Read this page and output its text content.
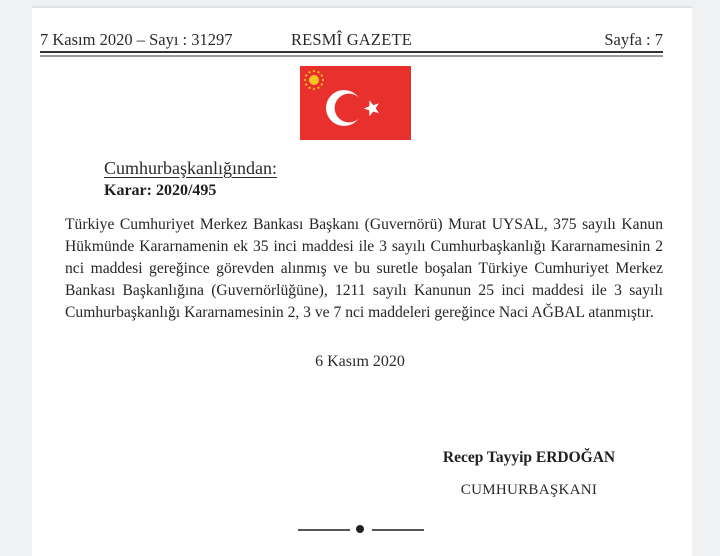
7 Kasım 2020 – Sayı : 31297	RESMÎ GAZETE	Sayfa : 7
Cumhurbaşkanlığından:
Karar: 2020/495
Türkiye Cumhuriyet Merkez Bankası Başkanı (Guvernörü) Murat UYSAL, 375 sayılı Kanun Hükmünde Kararnamenin ek 35 inci maddesi ile 3 sayılı Cumhurbaşkanlığı Kararnamesinin 2 nci maddesi gereğince görevden alınmış ve bu suretle boşalan Türkiye Cumhuriyet Merkez Bankası Başkanlığına (Guvernörlüğüne), 1211 sayılı Kanunun 25 inci maddesi ile 3 sayılı Cumhurbaşkanlığı Kararnamesinin 2, 3 ve 7 nci maddeleri gereğince Naci AĞBAL atanmıştır.
6 Kasım 2020
Recep Tayyip ERDOĞAN
CUMHURBAŞKANI
